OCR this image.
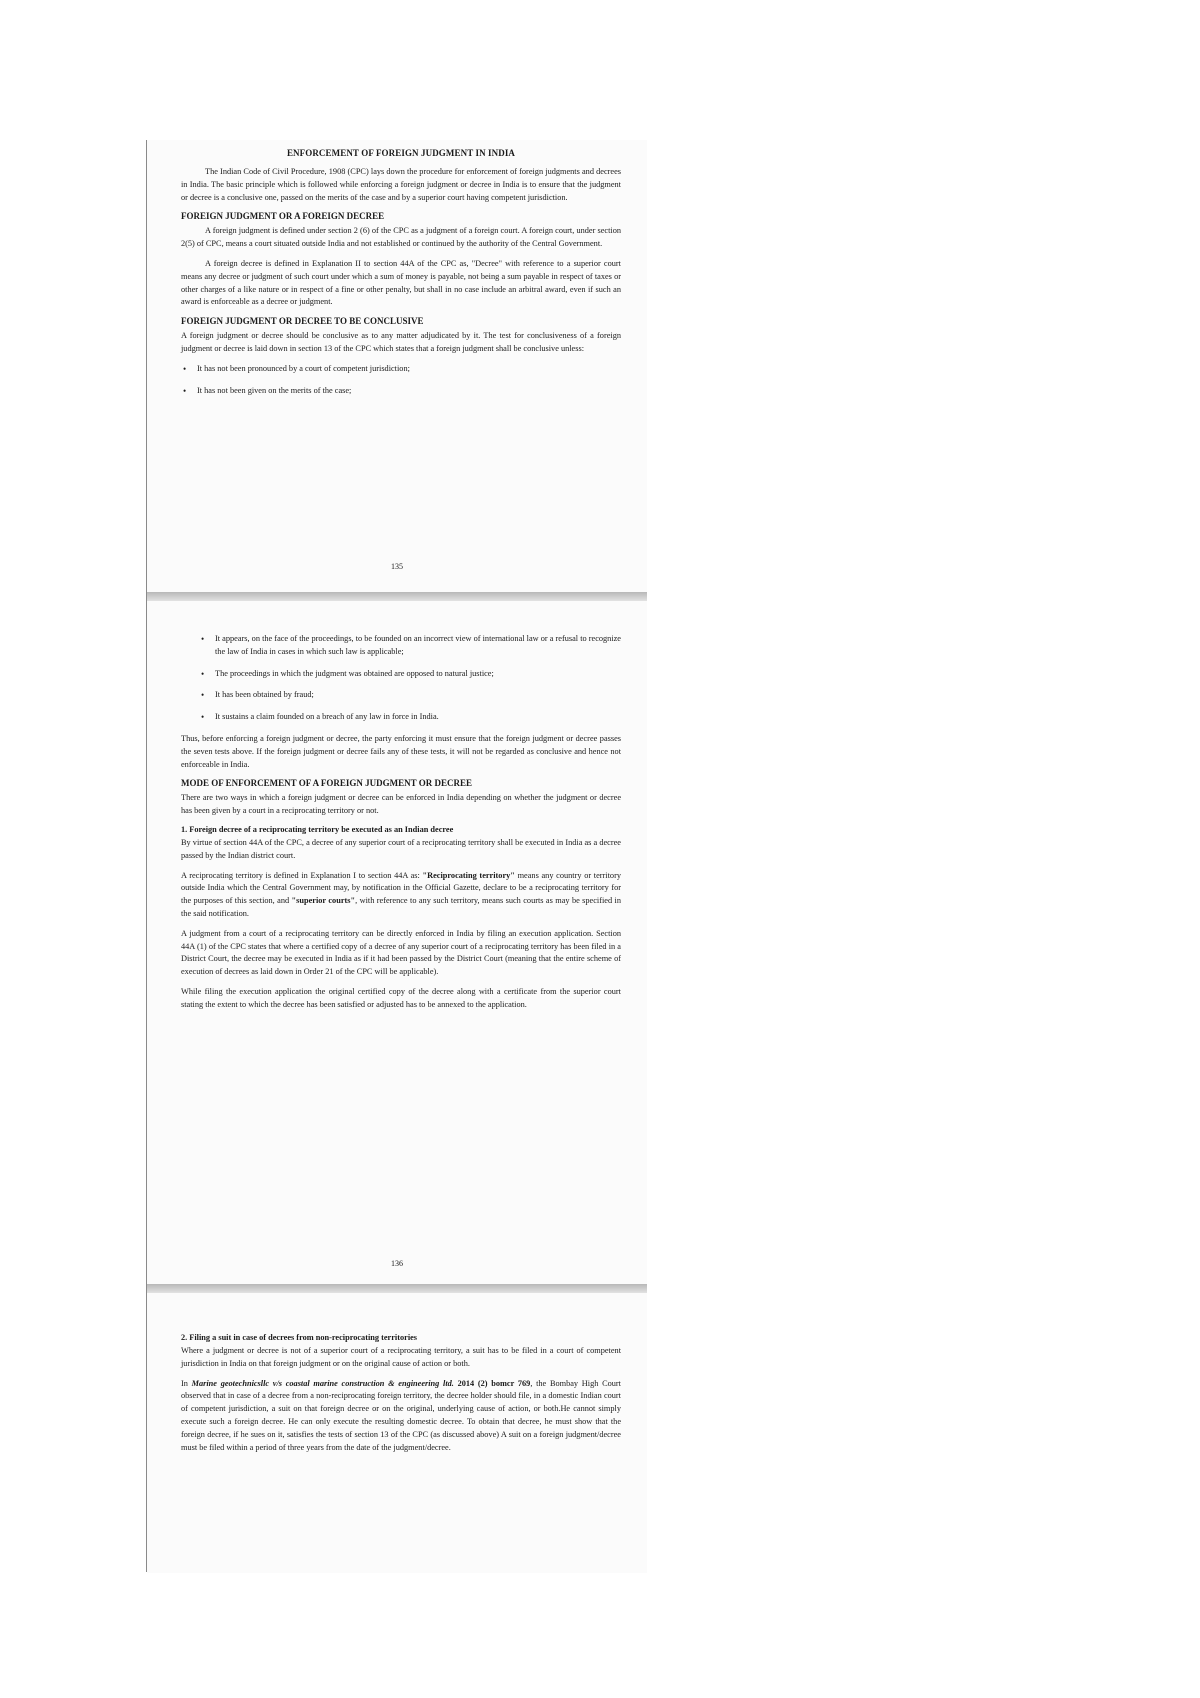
ENFORCEMENT OF FOREIGN JUDGMENT IN INDIA

The Indian Code of Civil Procedure, 1908 (CPC) lays down the procedure for enforcement of foreign judgments and decrees in India. The basic principle which is followed while enforcing a foreign judgment or decree in India is to ensure that the judgment or decree is a conclusive one, passed on the merits of the case and by a superior court having competent jurisdiction.

FOREIGN JUDGMENT OR A FOREIGN DECREE

A foreign judgment is defined under section 2 (6) of the CPC as a judgment of a foreign court. A foreign court, under section 2(5) of CPC, means a court situated outside India and not established or continued by the authority of the Central Government.

A foreign decree is defined in Explanation II to section 44A of the CPC as, "Decree" with reference to a superior court means any decree or judgment of such court under which a sum of money is payable, not being a sum payable in respect of taxes or other charges of a like nature or in respect of a fine or other penalty, but shall in no case include an arbitral award, even if such an award is enforceable as a decree or judgment.

FOREIGN JUDGMENT OR DECREE TO BE CONCLUSIVE

A foreign judgment or decree should be conclusive as to any matter adjudicated by it. The test for conclusiveness of a foreign judgment or decree is laid down in section 13 of the CPC which states that a foreign judgment shall be conclusive unless:

• It has not been pronounced by a court of competent jurisdiction;
• It has not been given on the merits of the case;
135
• It appears, on the face of the proceedings, to be founded on an incorrect view of international law or a refusal to recognize the law of India in cases in which such law is applicable;
• The proceedings in which the judgment was obtained are opposed to natural justice;
• It has been obtained by fraud;
• It sustains a claim founded on a breach of any law in force in India.

Thus, before enforcing a foreign judgment or decree, the party enforcing it must ensure that the foreign judgment or decree passes the seven tests above. If the foreign judgment or decree fails any of these tests, it will not be regarded as conclusive and hence not enforceable in India.

MODE OF ENFORCEMENT OF A FOREIGN JUDGMENT OR DECREE

There are two ways in which a foreign judgment or decree can be enforced in India depending on whether the judgment or decree has been given by a court in a reciprocating territory or not.

1. Foreign decree of a reciprocating territory be executed as an Indian decree

By virtue of section 44A of the CPC, a decree of any superior court of a reciprocating territory shall be executed in India as a decree passed by the Indian district court.

A reciprocating territory is defined in Explanation I to section 44A as: "Reciprocating territory" means any country or territory outside India which the Central Government may, by notification in the Official Gazette, declare to be a reciprocating territory for the purposes of this section, and "superior courts", with reference to any such territory, means such courts as may be specified in the said notification.

A judgment from a court of a reciprocating territory can be directly enforced in India by filing an execution application. Section 44A (1) of the CPC states that where a certified copy of a decree of any superior court of a reciprocating territory has been filed in a District Court, the decree may be executed in India as if it had been passed by the District Court (meaning that the entire scheme of execution of decrees as laid down in Order 21 of the CPC will be applicable).

While filing the execution application the original certified copy of the decree along with a certificate from the superior court stating the extent to which the decree has been satisfied or adjusted has to be annexed to the application.

136
2. Filing a suit in case of decrees from non-reciprocating territories

Where a judgment or decree is not of a superior court of a reciprocating territory, a suit has to be filed in a court of competent jurisdiction in India on that foreign judgment or on the original cause of action or both.

In Marine geotechnicsllc v/s coastal marine construction & engineering ltd. 2014 (2) bomcr 769, the Bombay High Court observed that in case of a decree from a non-reciprocating foreign territory, the decree holder should file, in a domestic Indian court of competent jurisdiction, a suit on that foreign decree or on the original, underlying cause of action, or both.He cannot simply execute such a foreign decree. He can only execute the resulting domestic decree. To obtain that decree, he must show that the foreign decree, if he sues on it, satisfies the tests of section 13 of the CPC (as discussed above) A suit on a foreign judgment/decree must be filed within a period of three years from the date of the judgment/decree.
